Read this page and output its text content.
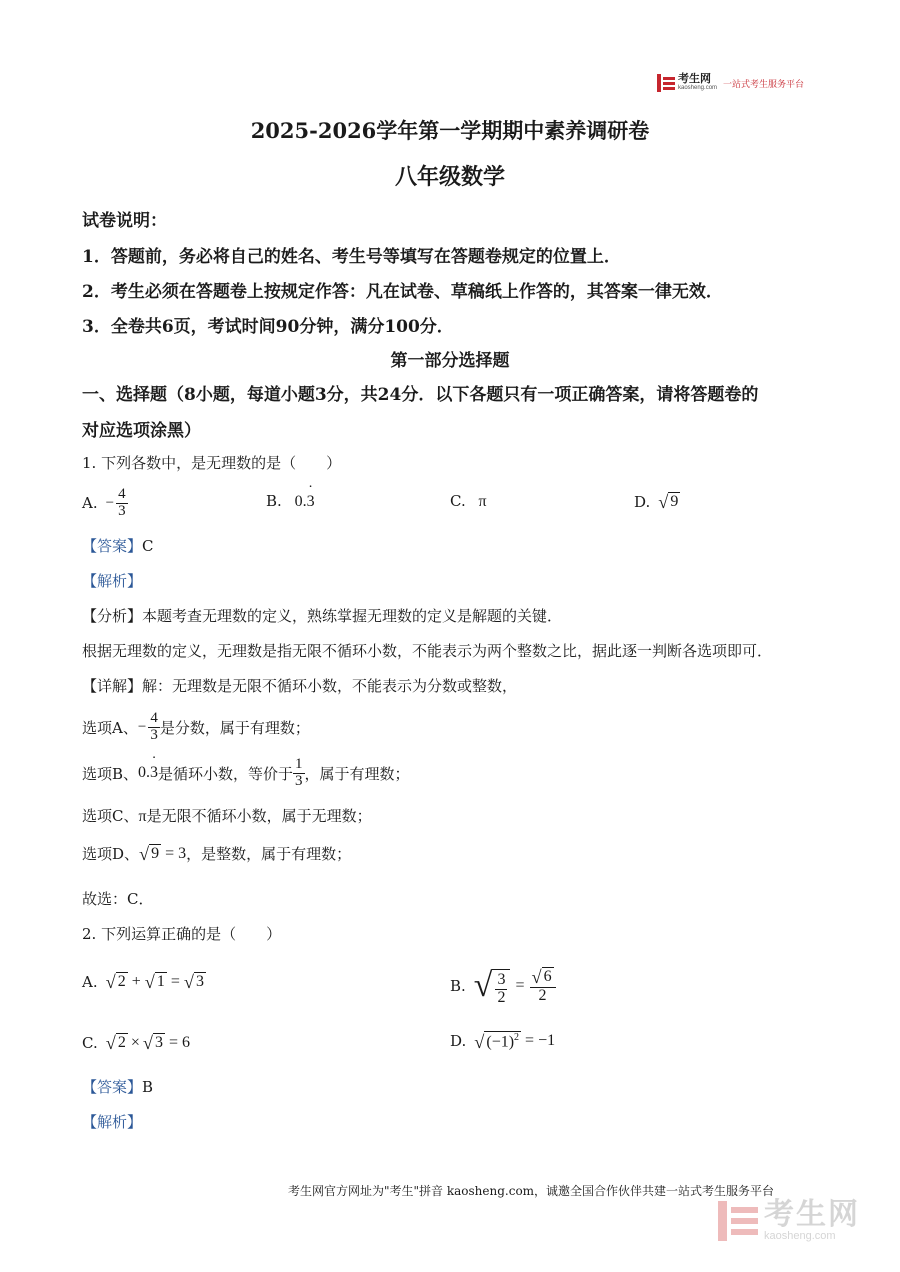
考生网
kaosheng.com 一站式考生服务平台
2025-2026学年第一学期期中素养调研卷
八年级数学
试卷说明：
1．答题前，务必将自己的姓名、考生号等填写在答题卷规定的位置上．
2．考生必须在答题卷上按规定作答：凡在试卷、草稿纸上作答的，其答案一律无效．
3．全卷共6页，考试时间90分钟，满分100分．
第一部分选择题
一、选择题（8小题，每道小题3分，共24分．以下各题只有一项正确答案，请将答题卷的
对应选项涂黑）
1. 下列各数中，是无理数的是（　　）
A. − $\frac{4}{3}$	B. 0.3 ˙	C. π	D. √ 9
【答案】C
【解析】
【分析】本题考查无理数的定义，熟练掌握无理数的定义是解题的关键．
根据无理数的定义，无理数是指无限不循环小数，不能表示为两个整数之比，据此逐一判断各选项即可．
【详解】解：无理数是无限不循环小数，不能表示为分数或整数，
选项A、 − $\frac{4}{3}$ 是分数，属于有理数；
选项B、 0.3 ˙ 是循环小数，等价于 $\frac{1}{3}$ ，属于有理数；
选项C、π是无限不循环小数，属于无理数；
选项D、 √ 9 = 3 ，是整数，属于有理数；
故选：C．
2. 下列运算正确的是（　　）
A. √ 2 + √ 1 = √ 3	B. √ $\frac{3}{2} = \frac{√ 6}{2}$
C. √ 2 × √ 3 = 6	D. √ $(-1)^2 = -1$
【答案】B
【解析】
考生网官方网址为"考生"拼音 kaosheng.com，诚邀全国合作伙伴共建一站式考生服务平台
考生网
kaosheng.com
